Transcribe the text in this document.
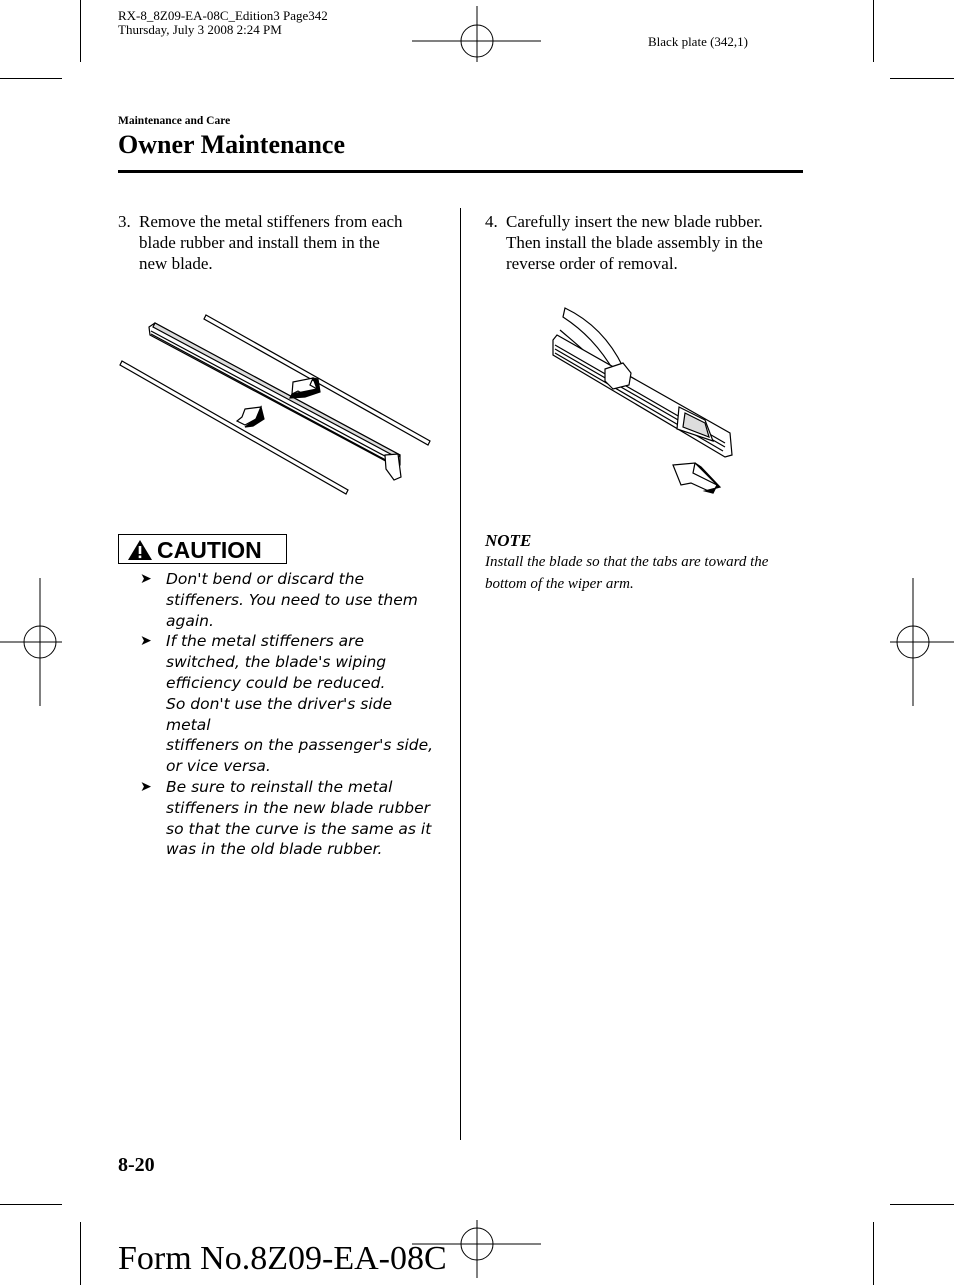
RX-8_8Z09-EA-08C_Edition3 Page342
Thursday, July 3 2008 2:24 PM
Black plate (342,1)
Maintenance and Care
Owner Maintenance
3. Remove the metal stiffeners from each
blade rubber and install them in the
new blade.
CAUTION
➤ Don't bend or discard the
stiffeners. You need to use them
again.
➤ If the metal stiffeners are
switched, the blade's wiping
efficiency could be reduced.
So don't use the driver's side metal
stiffeners on the passenger's side,
or vice versa.
➤ Be sure to reinstall the metal
stiffeners in the new blade rubber
so that the curve is the same as it
was in the old blade rubber.
4. Carefully insert the new blade rubber.
Then install the blade assembly in the
reverse order of removal.
NOTE
Install the blade so that the tabs are toward the
bottom of the wiper arm.
8-20
Form No.8Z09-EA-08C
